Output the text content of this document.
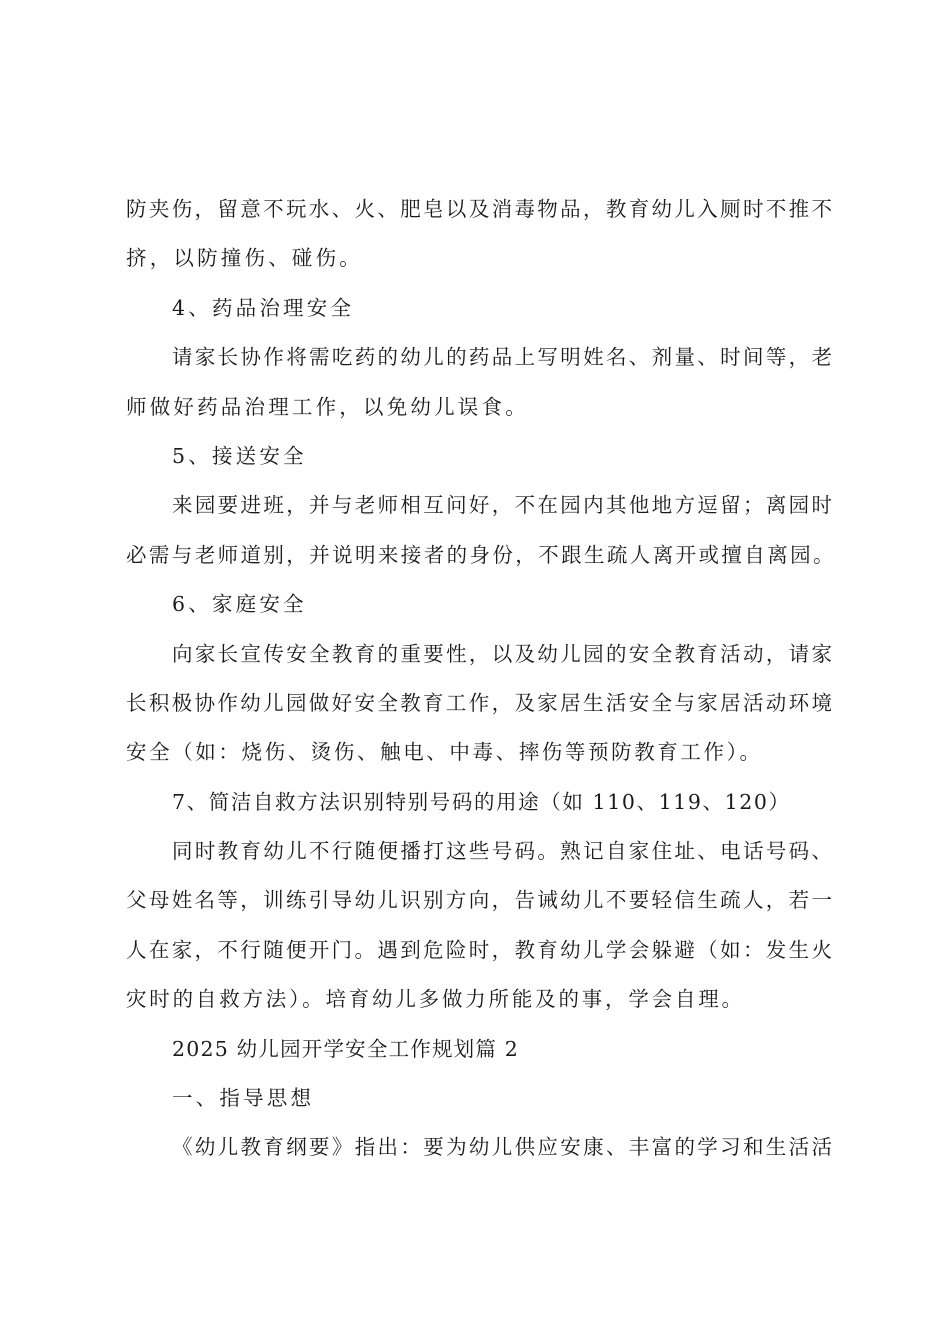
防夹伤，留意不玩水、火、肥皂以及消毒物品，教育幼儿入厕时不推不
挤，以防撞伤、碰伤。
4、药品治理安全
请家长协作将需吃药的幼儿的药品上写明姓名、剂量、时间等，老
师做好药品治理工作，以免幼儿误食。
5、接送安全
来园要进班，并与老师相互问好，不在园内其他地方逗留；离园时
必需与老师道别，并说明来接者的身份，不跟生疏人离开或擅自离园。
6、家庭安全
向家长宣传安全教育的重要性，以及幼儿园的安全教育活动，请家
长积极协作幼儿园做好安全教育工作，及家居生活安全与家居活动环境
安全（如：烧伤、烫伤、触电、中毒、摔伤等预防教育工作）。
7、简洁自救方法识别特别号码的用途（如 110、119、120）
同时教育幼儿不行随便播打这些号码。熟记自家住址、电话号码、
父母姓名等，训练引导幼儿识别方向，告诫幼儿不要轻信生疏人，若一
人在家，不行随便开门。遇到危险时，教育幼儿学会躲避（如：发生火
灾时的自救方法）。培育幼儿多做力所能及的事，学会自理。
2025 幼儿园开学安全工作规划篇 2
一、指导思想
《幼儿教育纲要》指出：要为幼儿供应安康、丰富的学习和生活活
